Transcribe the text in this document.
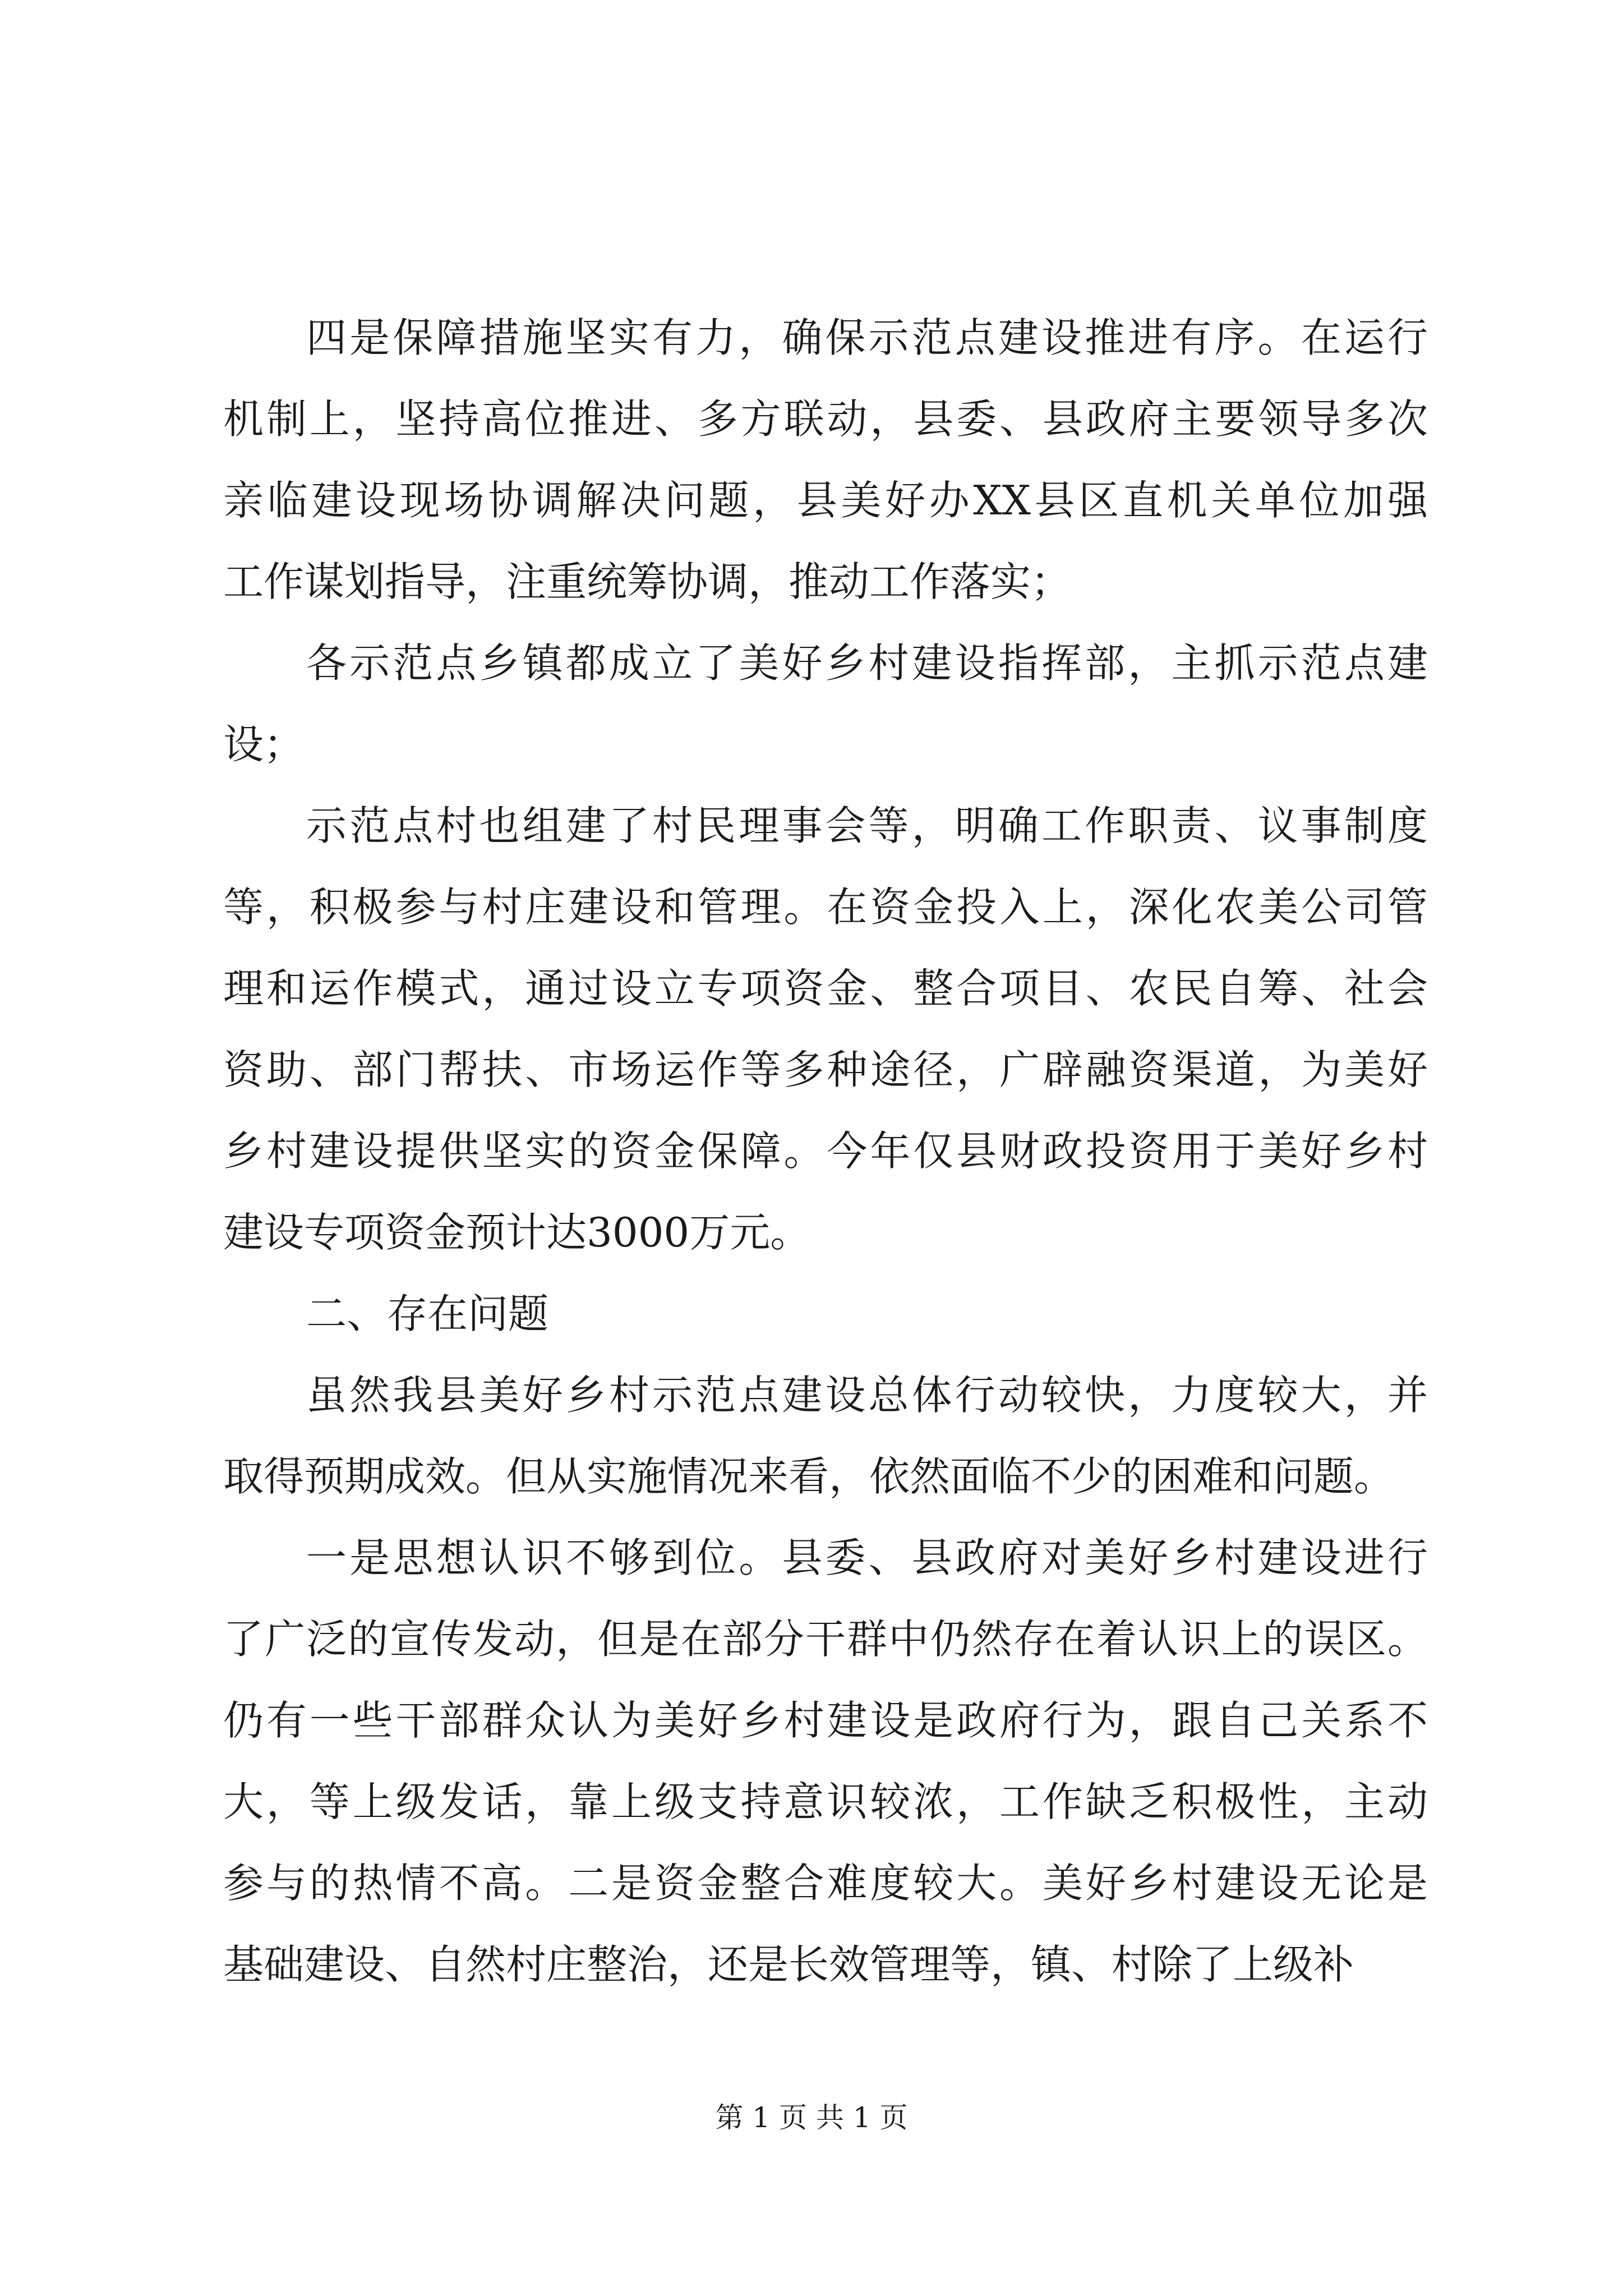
四是保障措施坚实有力，确保示范点建设推进有序。在运行
机制上，坚持高位推进、多方联动，县委、县政府主要领导多次
亲临建设现场协调解决问题，县美好办XX县区直机关单位加强
工作谋划指导，注重统筹协调，推动工作落实；
各示范点乡镇都成立了美好乡村建设指挥部，主抓示范点建
设；
示范点村也组建了村民理事会等，明确工作职责、议事制度
等，积极参与村庄建设和管理。在资金投入上，深化农美公司管
理和运作模式，通过设立专项资金、整合项目、农民自筹、社会
资助、部门帮扶、市场运作等多种途径，广辟融资渠道，为美好
乡村建设提供坚实的资金保障。今年仅县财政投资用于美好乡村
建设专项资金预计达3000万元。
二、存在问题
虽然我县美好乡村示范点建设总体行动较快，力度较大，并
取得预期成效。但从实施情况来看，依然面临不少的困难和问题。
一是思想认识不够到位。县委、县政府对美好乡村建设进行
了广泛的宣传发动，但是在部分干群中仍然存在着认识上的误区。
仍有一些干部群众认为美好乡村建设是政府行为，跟自己关系不
大，等上级发话，靠上级支持意识较浓，工作缺乏积极性，主动
参与的热情不高。二是资金整合难度较大。美好乡村建设无论是
基础建设、自然村庄整治，还是长效管理等，镇、村除了上级补
第 1 页 共 1 页
